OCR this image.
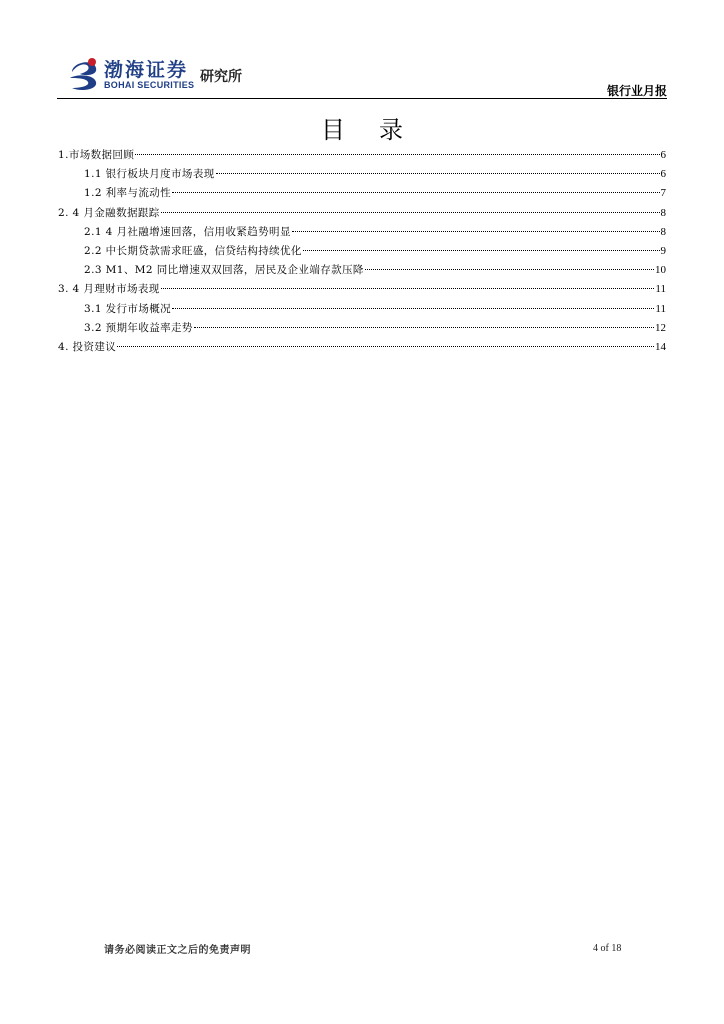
渤海证券
BOHAI SECURITIES 研究所
银行业月报
目录
1.市场数据回顾	6
1.1 银行板块月度市场表现	6
1.2 利率与流动性	7
2. 4 月金融数据跟踪	8
2.1 4 月社融增速回落，信用收紧趋势明显	8
2.2 中长期贷款需求旺盛，信贷结构持续优化	9
2.3 M1、M2 同比增速双双回落，居民及企业端存款压降	10
3. 4 月理财市场表现	11
3.1 发行市场概况	11
3.2 预期年收益率走势	12
4. 投资建议	14
请务必阅读正文之后的免责声明	4 of 18
